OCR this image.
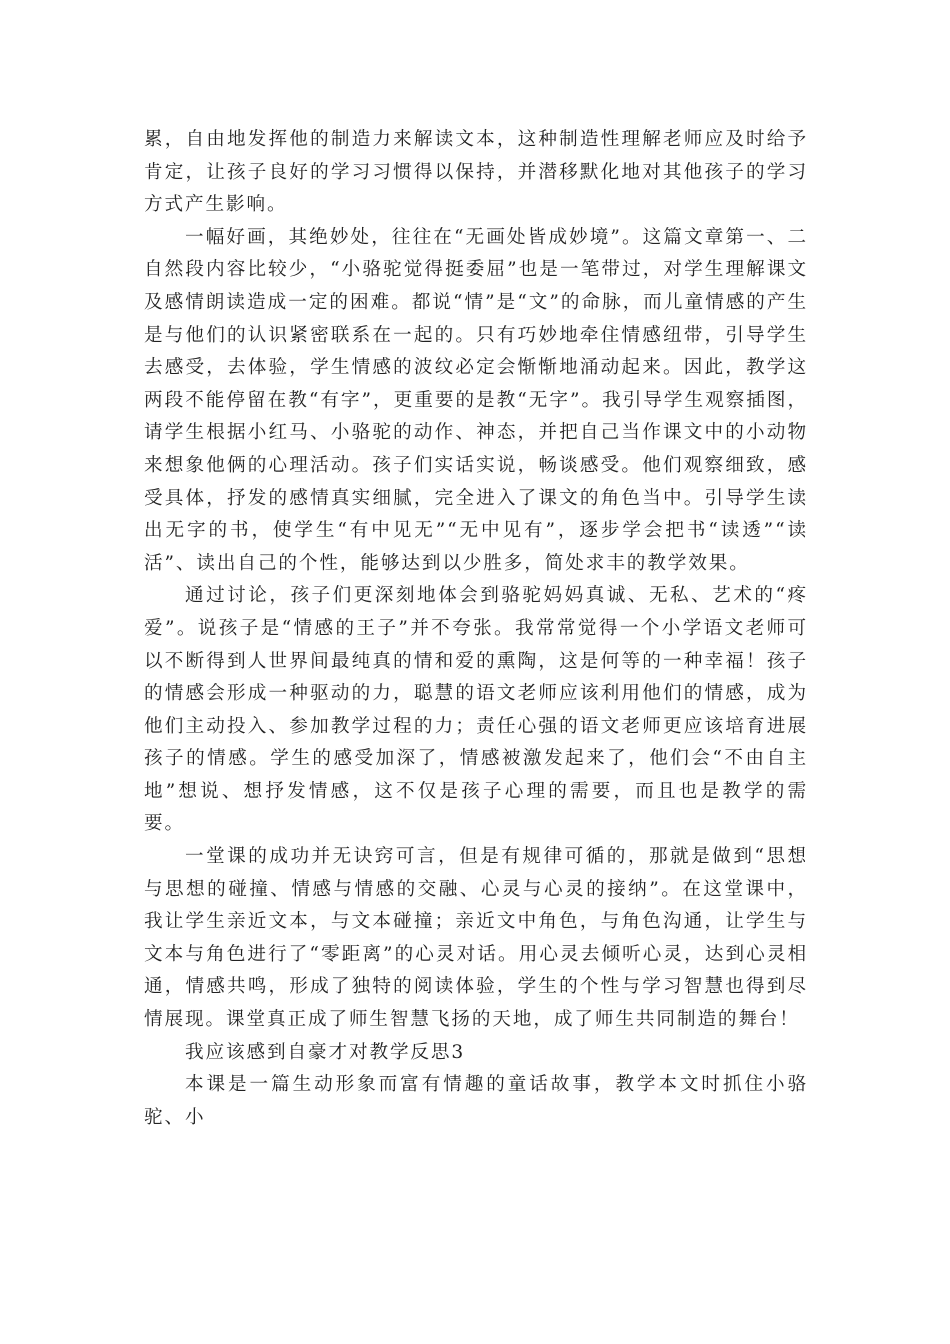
累，自由地发挥他的制造力来解读文本，这种制造性理解老师应及时给予肯定，让孩子良好的学习习惯得以保持，并潜移默化地对其他孩子的学习方式产生影响。

一幅好画，其绝妙处，往往在“无画处皆成妙境”。这篇文章第一、二自然段内容比较少，“小骆驼觉得挺委屈”也是一笔带过，对学生理解课文及感情朗读造成一定的困难。都说“情”是“文”的命脉，而儿童情感的产生是与他们的认识紧密联系在一起的。只有巧妙地牵住情感纽带，引导学生去感受，去体验，学生情感的波纹必定会惭惭地涌动起来。因此，教学这两段不能停留在教“有字”，更重要的是教“无字”。我引导学生观察插图，请学生根据小红马、小骆驼的动作、神态，并把自己当作课文中的小动物来想象他俩的心理活动。孩子们实话实说，畅谈感受。他们观察细致，感受具体，抒发的感情真实细腻，完全进入了课文的角色当中。引导学生读出无字的书，使学生“有中见无”“无中见有”，逐步学会把书“读透”“读活”、读出自己的个性，能够达到以少胜多，简处求丰的教学效果。

通过讨论，孩子们更深刻地体会到骆驼妈妈真诚、无私、艺术的“疼爱”。说孩子是“情感的王子”并不夸张。我常常觉得一个小学语文老师可以不断得到人世界间最纯真的情和爱的熏陶，这是何等的一种幸福！孩子的情感会形成一种驱动的力，聪慧的语文老师应该利用他们的情感，成为他们主动投入、参加教学过程的力；责任心强的语文老师更应该培育进展孩子的情感。学生的感受加深了，情感被激发起来了，他们会“不由自主地”想说、想抒发情感，这不仅是孩子心理的需要，而且也是教学的需要。

一堂课的成功并无诀窍可言，但是有规律可循的，那就是做到“思想与思想的碰撞、情感与情感的交融、心灵与心灵的接纳”。在这堂课中，我让学生亲近文本，与文本碰撞；亲近文中角色，与角色沟通，让学生与文本与角色进行了“零距离”的心灵对话。用心灵去倾听心灵，达到心灵相通，情感共鸣，形成了独特的阅读体验，学生的个性与学习智慧也得到尽情展现。课堂真正成了师生智慧飞扬的天地，成了师生共同制造的舞台！

我应该感到自豪才对教学反思3

本课是一篇生动形象而富有情趣的童话故事，教学本文时抓住小骆驼、小
